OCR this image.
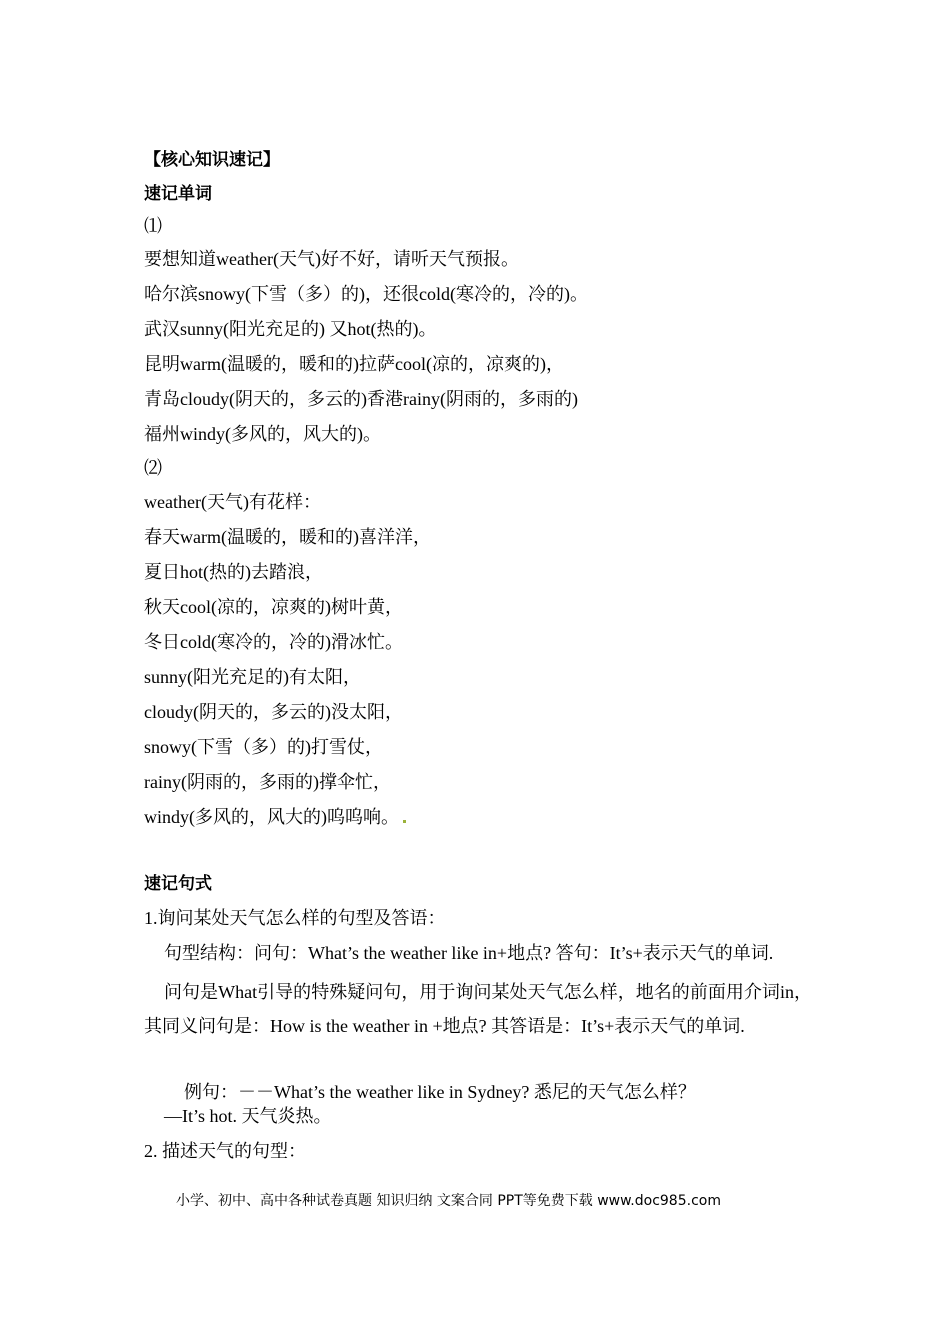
【核心知识速记】
速记单词
⑴
要想知道weather(天气)好不好，请听天气预报。
哈尔滨snowy(下雪（多）的)，还很cold(寒冷的，冷的)。
武汉sunny(阳光充足的) 又hot(热的)。
昆明warm(温暖的，暖和的)拉萨cool(凉的，凉爽的)，
青岛cloudy(阴天的，多云的)香港rainy(阴雨的，多雨的)
福州windy(多风的，风大的)。
⑵
weather(天气)有花样：
春天warm(温暖的，暖和的)喜洋洋，
夏日hot(热的)去踏浪，
秋天cool(凉的，凉爽的)树叶黄，
冬日cold(寒冷的，冷的)滑冰忙。
sunny(阳光充足的)有太阳，
cloudy(阴天的，多云的)没太阳，
snowy(下雪（多）的)打雪仗，
rainy(阴雨的，多雨的)撑伞忙，
windy(多风的，风大的)呜呜响。
速记句式
1.询问某处天气怎么样的句型及答语：
句型结构：问句：What’s the weather like in+地点? 答句：It’s+表示天气的单词.
问句是What引导的特殊疑问句，用于询问某处天气怎么样，地名的前面用介词in，其同义问句是：How is the weather in +地点? 其答语是：It’s+表示天气的单词.
例句：－－What’s the weather like in Sydney? 悉尼的天气怎么样？
—It’s hot. 天气炎热。
2. 描述天气的句型：
小学、初中、高中各种试卷真题 知识归纳 文案合同 PPT等免费下载 www.doc985.com
